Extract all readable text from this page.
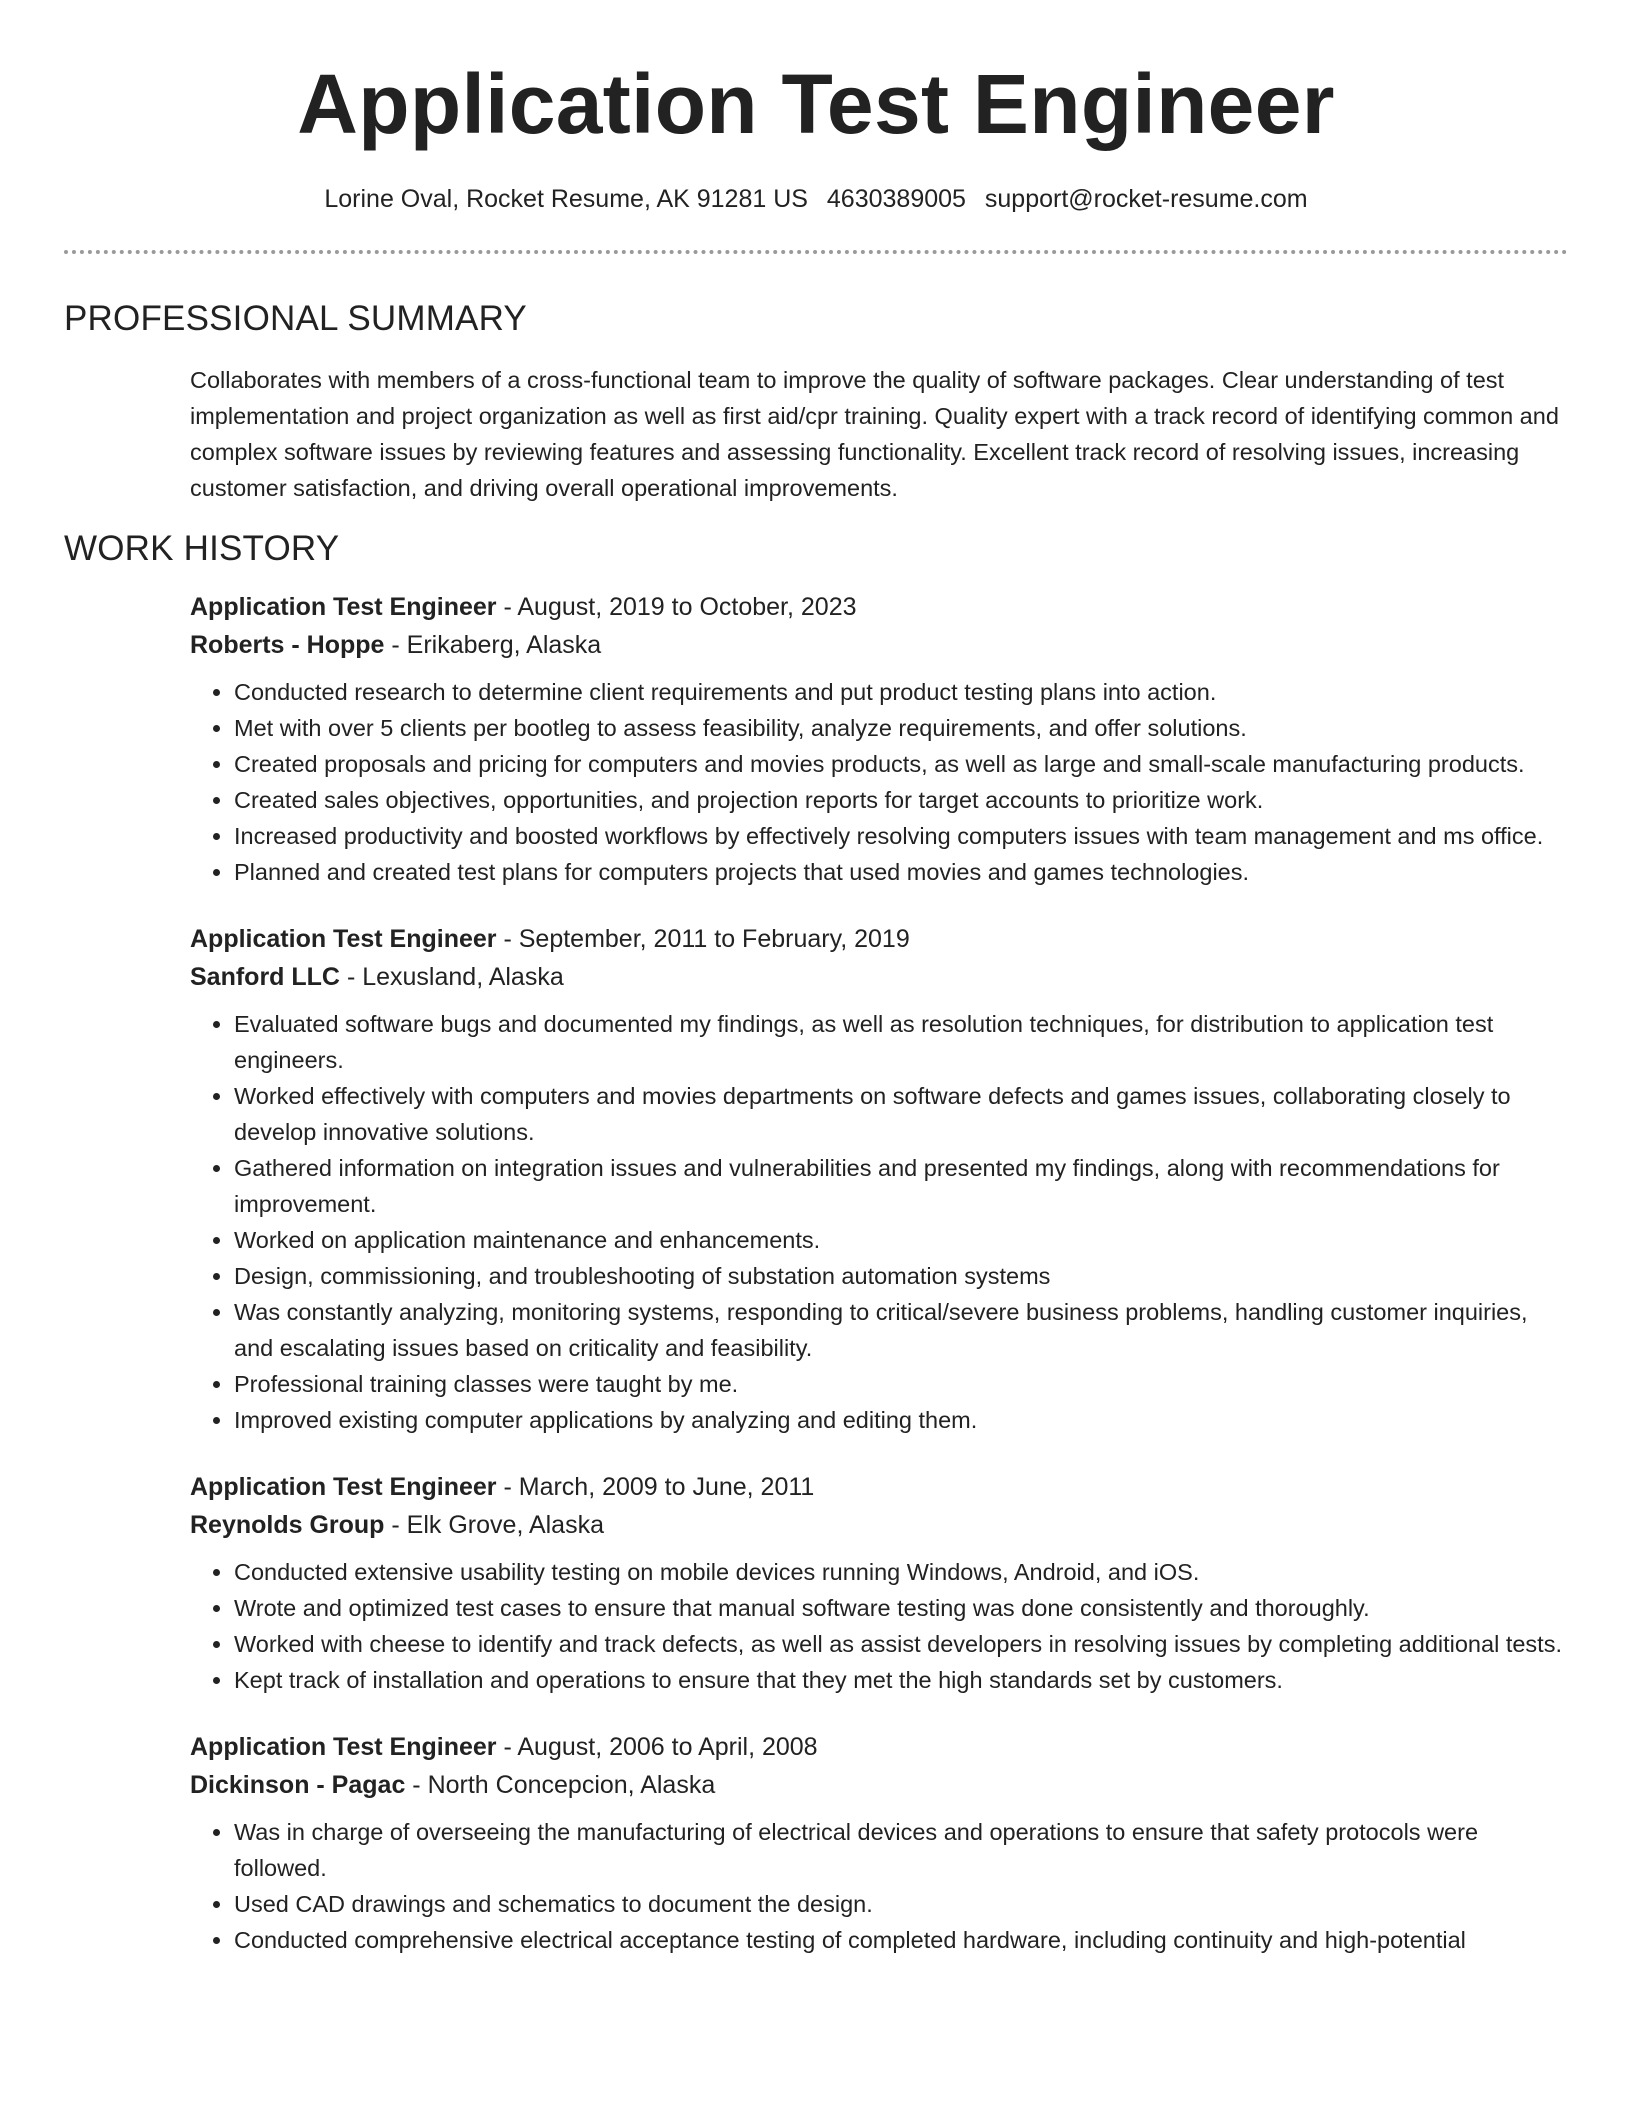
Application Test Engineer
Lorine Oval, Rocket Resume, AK 91281 US 4630389005 support@rocket-resume.com
PROFESSIONAL SUMMARY

Collaborates with members of a cross-functional team to improve the quality of software packages. Clear understanding of test implementation and project organization as well as first aid/cpr training. Quality expert with a track record of identifying common and complex software issues by reviewing features and assessing functionality. Excellent track record of resolving issues, increasing customer satisfaction, and driving overall operational improvements.

WORK HISTORY
Application Test Engineer - August, 2019 to October, 2023
Roberts - Hoppe - Erikaberg, Alaska
• Conducted research to determine client requirements and put product testing plans into action.
• Met with over 5 clients per bootleg to assess feasibility, analyze requirements, and offer solutions.
• Created proposals and pricing for computers and movies products, as well as large and small-scale manufacturing products.
• Created sales objectives, opportunities, and projection reports for target accounts to prioritize work.
• Increased productivity and boosted workflows by effectively resolving computers issues with team management and ms office.
• Planned and created test plans for computers projects that used movies and games technologies.
Application Test Engineer - September, 2011 to February, 2019
Sanford LLC - Lexusland, Alaska
• Evaluated software bugs and documented my findings, as well as resolution techniques, for distribution to application test engineers.
• Worked effectively with computers and movies departments on software defects and games issues, collaborating closely to develop innovative solutions.
• Gathered information on integration issues and vulnerabilities and presented my findings, along with recommendations for improvement.
• Worked on application maintenance and enhancements.
• Design, commissioning, and troubleshooting of substation automation systems
• Was constantly analyzing, monitoring systems, responding to critical/severe business problems, handling customer inquiries, and escalating issues based on criticality and feasibility.
• Professional training classes were taught by me.
• Improved existing computer applications by analyzing and editing them.
Application Test Engineer - March, 2009 to June, 2011
Reynolds Group - Elk Grove, Alaska
• Conducted extensive usability testing on mobile devices running Windows, Android, and iOS.
• Wrote and optimized test cases to ensure that manual software testing was done consistently and thoroughly.
• Worked with cheese to identify and track defects, as well as assist developers in resolving issues by completing additional tests.
• Kept track of installation and operations to ensure that they met the high standards set by customers.
Application Test Engineer - August, 2006 to April, 2008
Dickinson - Pagac - North Concepcion, Alaska
• Was in charge of overseeing the manufacturing of electrical devices and operations to ensure that safety protocols were followed.
• Used CAD drawings and schematics to document the design.
• Conducted comprehensive electrical acceptance testing of completed hardware, including continuity and high-potential
